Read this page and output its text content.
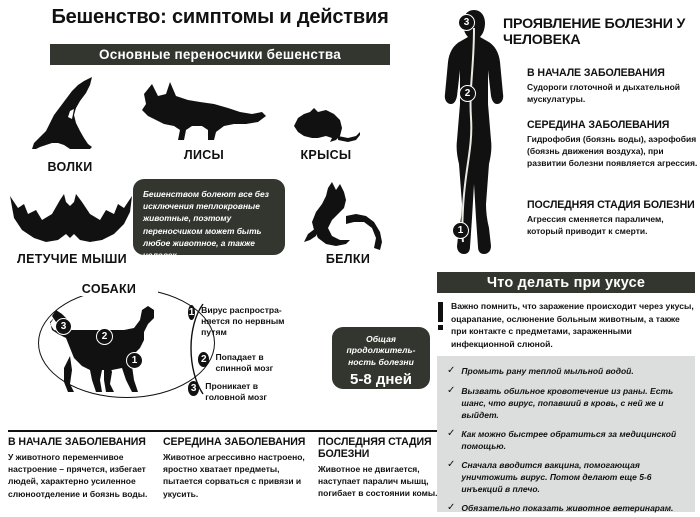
Бешенство: симптомы и действия
Основные переносчики бешенства
ВОЛКИ
ЛИСЫ	КРЫСЫ
ЛЕТУЧИЕ МЫШИ	БЕЛКИ
Бешенством болеют все без исключения теплокровные животные, поэтому переносчиком может быть любое животное, а также человек.
СОБАКИ
3
2
1
1 Вирус распростра-няется по нервным путям
2	Попадает в спинной мозг
3	Проникает в головной мозг
Общая продолжитель-ность болезни
5-8 дней
В НАЧАЛЕ ЗАБОЛЕВАНИЯ
У животного переменчивое настроение – прячется, избегает людей, характерно усиленное слюноотделение и боязнь воды.
СЕРЕДИНА ЗАБОЛЕВАНИЯ
Животное агрессивно настроено, яростно хватает предметы, пытается сорваться с привязи и укусить.
ПОСЛЕДНЯЯ СТАДИЯ БОЛЕЗНИ
Животное не двигается, наступает паралич мышц, погибает в состоянии комы.
3
2
1
ПРОЯВЛЕНИЕ БОЛЕЗНИ У ЧЕЛОВЕКА
В НАЧАЛЕ ЗАБОЛЕВАНИЯ
Судороги глоточной и дыхательной мускулатуры.
СЕРЕДИНА ЗАБОЛЕВАНИЯ
Гидрофобия (боязнь воды), аэрофобия (боязнь движения воздуха), при развитии болезни появляется агрессия.
ПОСЛЕДНЯЯ СТАДИЯ БОЛЕЗНИ
Агрессия сменяется параличем, который приводит к смерти.
Что делать при укусе
Важно помнить, что заражение происходит через укусы, оцарапание, ослюнение больным животным, а также при контакте с предметами, зараженными инфекционной слюной.
✓ Промыть рану теплой мыльной водой.
✓ Вызвать обильное кровотечение из раны. Есть шанс, что вирус, попавший в кровь, с ней же и выйдет.
✓ Как можно быстрее обратиться за медицинской помощью.
✓ Сначала вводится вакцина, помогающая уничтожить вирус. Потом делают еще 5-6 инъекций в плечо.
✓ Обязательно показать животное ветеринарам.
